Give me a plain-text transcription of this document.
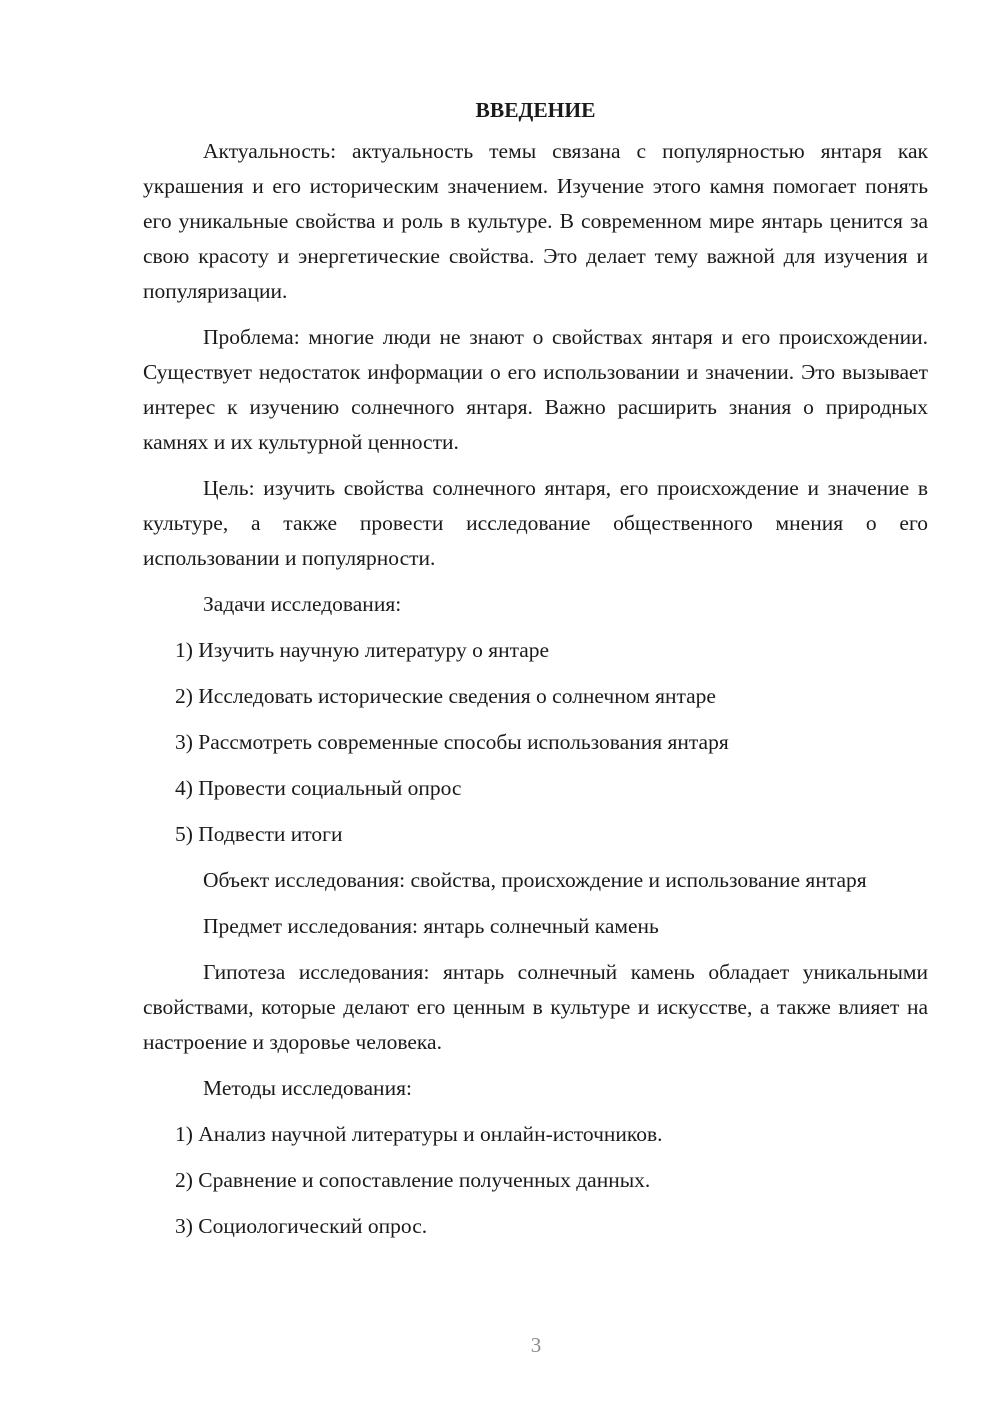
ВВЕДЕНИЕ

Актуальность: актуальность темы связана с популярностью янтаря как украшения и его историческим значением. Изучение этого камня помогает понять его уникальные свойства и роль в культуре. В современном мире янтарь ценится за свою красоту и энергетические свойства. Это делает тему важной для изучения и популяризации.

Проблема: многие люди не знают о свойствах янтаря и его происхождении. Существует недостаток информации о его использовании и значении. Это вызывает интерес к изучению солнечного янтаря. Важно расширить знания о природных камнях и их культурной ценности.

Цель: изучить свойства солнечного янтаря, его происхождение и значение в культуре, а также провести исследование общественного мнения о его использовании и популярности.

Задачи исследования:

1) Изучить научную литературу о янтаре

2) Исследовать исторические сведения о солнечном янтаре

3) Рассмотреть современные способы использования янтаря

4) Провести социальный опрос

5) Подвести итоги

Объект исследования: свойства, происхождение и использование янтаря

Предмет исследования: янтарь солнечный камень

Гипотеза исследования: янтарь солнечный камень обладает уникальными свойствами, которые делают его ценным в культуре и искусстве, а также влияет на настроение и здоровье человека.

Методы исследования:

1) Анализ научной литературы и онлайн-источников.

2) Сравнение и сопоставление полученных данных.

3) Социологический опрос.

3
